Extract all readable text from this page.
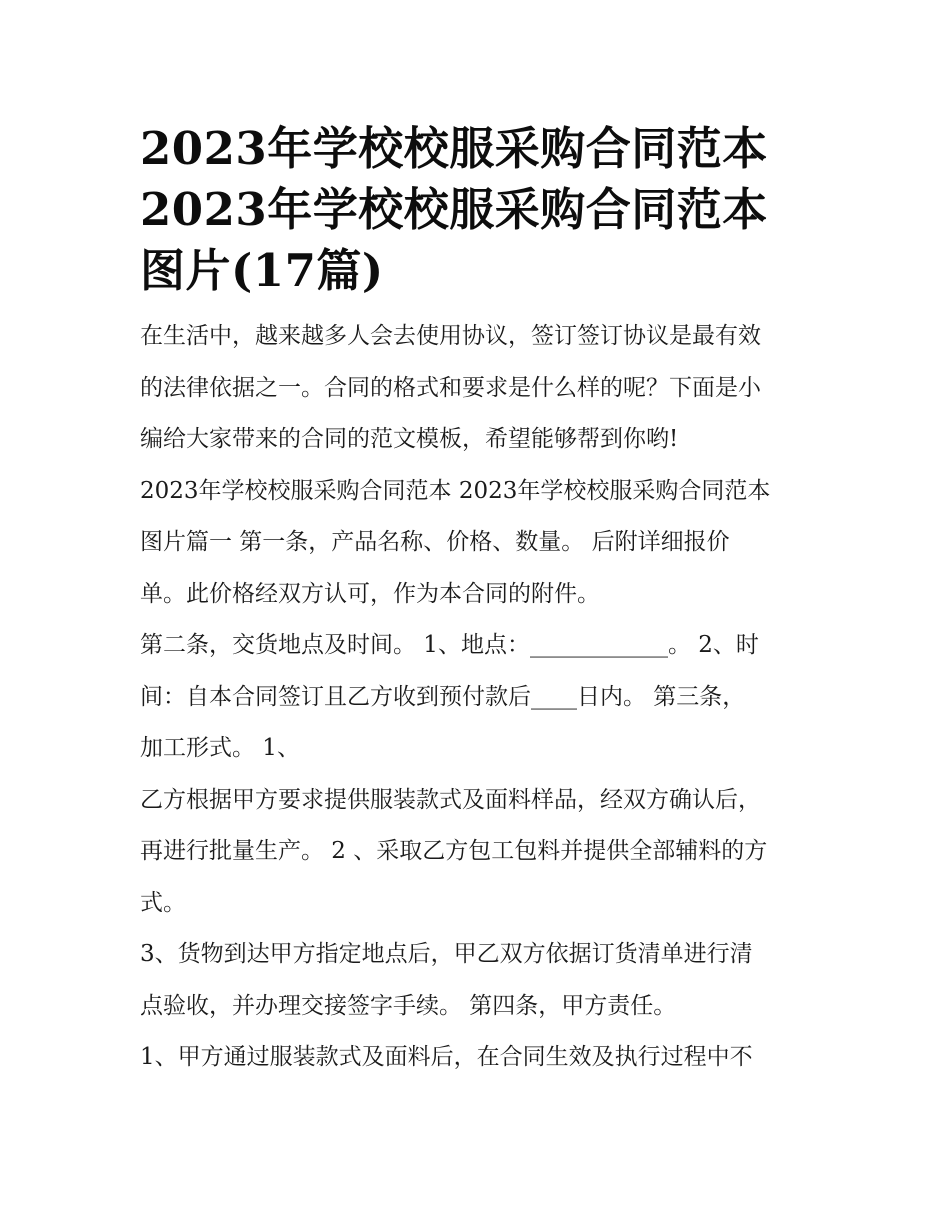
2023年学校校服采购合同范本
2023年学校校服采购合同范本
图片(17篇)

在生活中，越来越多人会去使用协议，签订签订协议是最有效
的法律依据之一。合同的格式和要求是什么样的呢？下面是小
编给大家带来的合同的范文模板，希望能够帮到你哟!

2023年学校校服采购合同范本 2023年学校校服采购合同范本
图片篇一 第一条，产品名称、价格、数量。 后附详细报价
单。此价格经双方认可，作为本合同的附件。

第二条，交货地点及时间。 1、地点：____________。 2、时
间：自本合同签订且乙方收到预付款后____日内。 第三条，
加工形式。 1、

乙方根据甲方要求提供服装款式及面料样品，经双方确认后，
再进行批量生产。 2 、采取乙方包工包料并提供全部辅料的方
式。

3、货物到达甲方指定地点后，甲乙双方依据订货清单进行清
点验收，并办理交接签字手续。 第四条，甲方责任。

1、甲方通过服装款式及面料后，在合同生效及执行过程中不
